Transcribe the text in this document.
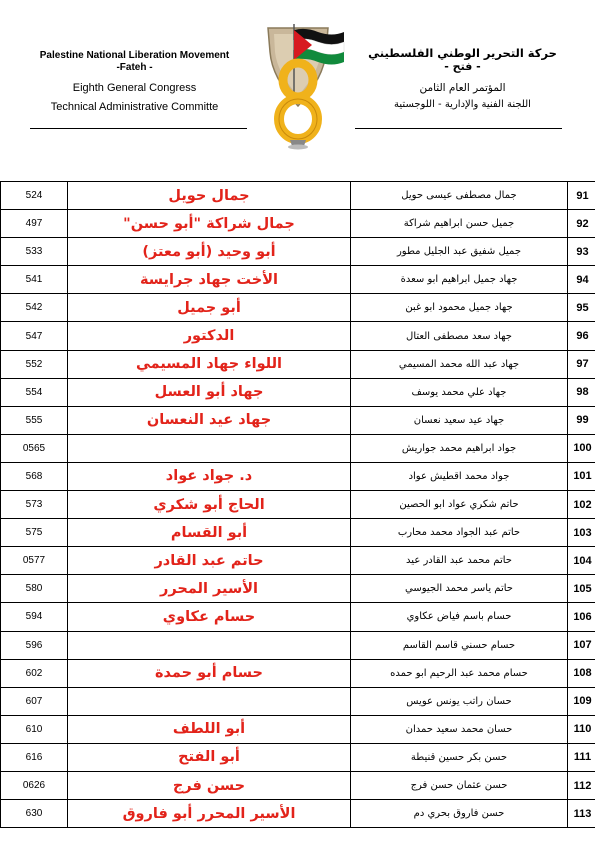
Palestine National Liberation Movement
-Fateh -
Eighth General Congress
Technical Administrative Committe
حركة التحرير الوطني الفلسطيني
- فتح -
المؤتمر العام الثامن
اللجنة الفنية والإدارية - اللوجستية
524	جمال حويل	جمال مصطفى عيسى حويل	91
497	جمال شراكة "أبو حسن"	جميل حسن ابراهيم شراكة	92
533	أبو وحيد (أبو معتز)	جميل شفيق عبد الجليل مطور	93
541	الأخت جهاد جرايسة	جهاد جميل ابراهيم ابو سعدة	94
542	أبو جميل	جهاد جميل محمود ابو غبن	95
547	الدكتور	جهاد سعد مصطفى العتال	96
552	اللواء جهاد المسيمي	جهاد عبد الله محمد المسيمي	97
554	جهاد أبو العسل	جهاد علي محمد يوسف	98
555	جهاد عيد النعسان	جهاد عيد سعيد نعسان	99
0565		جواد ابراهيم محمد جواريش	100
568	د. جواد عواد	جواد محمد اقطيش عواد	101
573	الحاج أبو شكري	حاتم شكري عواد ابو الحصين	102
575	أبو القسام	حاتم عبد الجواد محمد محارب	103
0577	حاتم عبد القادر	حاتم محمد عبد القادر عيد	104
580	الأسير المحرر	حاتم ياسر محمد الجيوسي	105
594	حسام عكاوي	حسام باسم فياض عكاوي	106
596		حسام حسني قاسم القاسم	107
602	حسام أبو حمدة	حسام محمد عبد الرحيم ابو حمده	108
607		حسان راتب يونس عويس	109
610	أبو اللطف	حسان محمد سعيد حمدان	110
616	أبو الفتح	حسن بكر حسين قنيطة	111
0626	حسن فرج	حسن عثمان حسن فرج	112
630	الأسير المحرر أبو فاروق	حسن فاروق بحري دم	113
